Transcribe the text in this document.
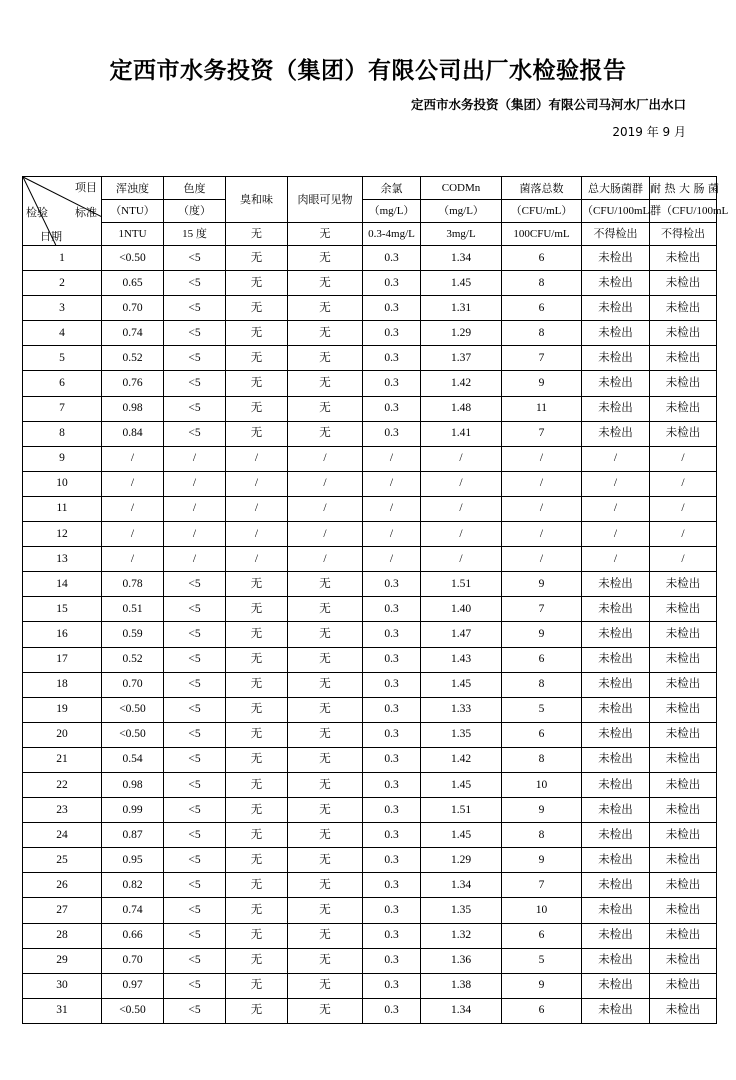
定西市水务投资（集团）有限公司出厂水检验报告
定西市水务投资（集团）有限公司马河水厂出水口
2019 年 9 月
项目
标准
检验
日期	浑浊度	色度	臭和味	肉眼可见物	余氯	CODMn	菌落总数	总大肠菌群	耐 热 大 肠 菌
	（NTU）	（度）			（mg/L）	（mg/L）	（CFU/mL）	（CFU/100mL	群（CFU/100mL
	1NTU	15 度	无	无	0.3-4mg/L	3mg/L	100CFU/mL	不得检出	不得检出
1	<0.50	<5	无	无	0.3	1.34	6	未检出	未检出
2	0.65	<5	无	无	0.3	1.45	8	未检出	未检出
3	0.70	<5	无	无	0.3	1.31	6	未检出	未检出
4	0.74	<5	无	无	0.3	1.29	8	未检出	未检出
5	0.52	<5	无	无	0.3	1.37	7	未检出	未检出
6	0.76	<5	无	无	0.3	1.42	9	未检出	未检出
7	0.98	<5	无	无	0.3	1.48	11	未检出	未检出
8	0.84	<5	无	无	0.3	1.41	7	未检出	未检出
9	/	/	/	/	/	/	/	/	/
10	/	/	/	/	/	/	/	/	/
11	/	/	/	/	/	/	/	/	/
12	/	/	/	/	/	/	/	/	/
13	/	/	/	/	/	/	/	/	/
14	0.78	<5	无	无	0.3	1.51	9	未检出	未检出
15	0.51	<5	无	无	0.3	1.40	7	未检出	未检出
16	0.59	<5	无	无	0.3	1.47	9	未检出	未检出
17	0.52	<5	无	无	0.3	1.43	6	未检出	未检出
18	0.70	<5	无	无	0.3	1.45	8	未检出	未检出
19	<0.50	<5	无	无	0.3	1.33	5	未检出	未检出
20	<0.50	<5	无	无	0.3	1.35	6	未检出	未检出
21	0.54	<5	无	无	0.3	1.42	8	未检出	未检出
22	0.98	<5	无	无	0.3	1.45	10	未检出	未检出
23	0.99	<5	无	无	0.3	1.51	9	未检出	未检出
24	0.87	<5	无	无	0.3	1.45	8	未检出	未检出
25	0.95	<5	无	无	0.3	1.29	9	未检出	未检出
26	0.82	<5	无	无	0.3	1.34	7	未检出	未检出
27	0.74	<5	无	无	0.3	1.35	10	未检出	未检出
28	0.66	<5	无	无	0.3	1.32	6	未检出	未检出
29	0.70	<5	无	无	0.3	1.36	5	未检出	未检出
30	0.97	<5	无	无	0.3	1.38	9	未检出	未检出
31	<0.50	<5	无	无	0.3	1.34	6	未检出	未检出
